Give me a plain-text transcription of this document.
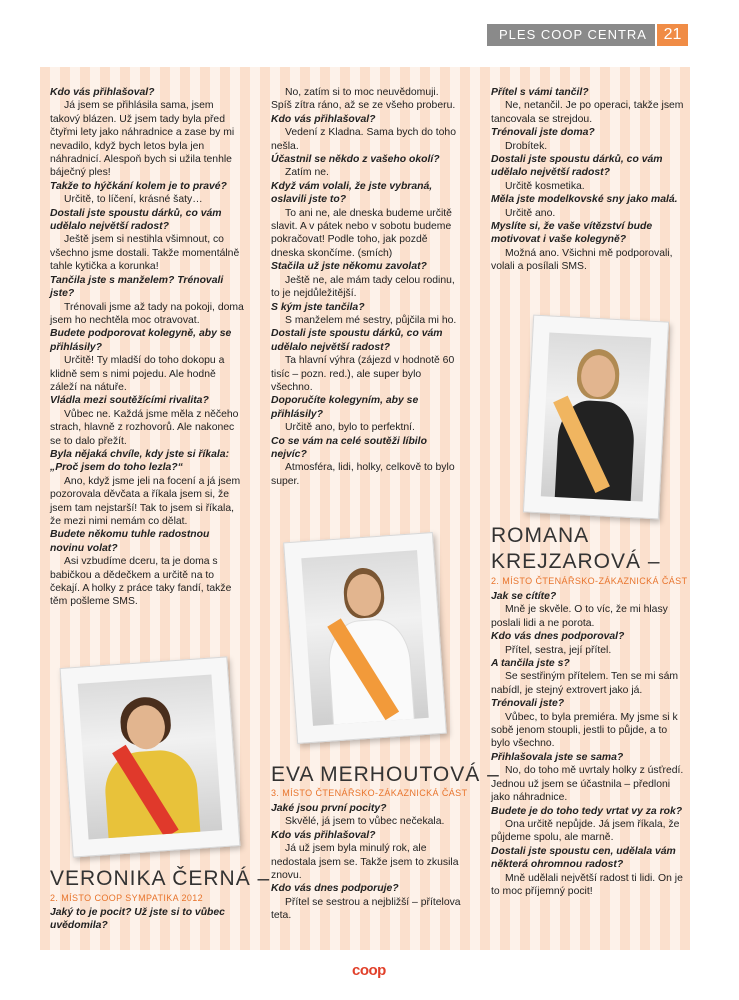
PLES COOP CENTRA	21

Kdo vás přihlašoval?

Já jsem se přihlásila sama, jsem takový blázen. Už jsem tady byla před čtyřmi lety jako náhradnice a zase by mi nevadilo, když bych letos byla jen náhradnicí. Alespoň bych si užila tenhle báječný ples!

Takže to hýčkání kolem je to pravé?

Určitě, to líčení, krásné šaty…

Dostali jste spoustu dárků, co vám udělalo největší radost?

Ještě jsem si nestihla všimnout, co všechno jsme dostali. Takže momentálně tahle kytička a korunka!

Tančila jste s manželem? Trénovali jste?

Trénovali jsme až tady na pokoji, doma jsem ho nechtěla moc otravovat.

Budete podporovat kolegyně, aby se přihlásily?

Určitě! Ty mladší do toho dokopu a klidně sem s nimi pojedu. Ale hodně záleží na nátuře.

Vládla mezi soutěžícími rivalita?

Vůbec ne. Každá jsme měla z něčeho strach, hlavně z rozhovorů. Ale nakonec se to dalo přežít.

Byla nějaká chvíle, kdy jste si říkala: „Proč jsem do toho lezla?“

Ano, když jsme jeli na focení a já jsem pozorovala děvčata a říkala jsem si, že jsem tam nejstarší! Tak to jsem si říkala, že mezi nimi nemám co dělat.

Budete někomu tuhle radostnou novinu volat?

Asi vzbudíme dceru, ta je doma s babičkou a dědečkem a určitě na to čekají. A holky z práce taky fandí, takže těm pošleme SMS.

VERONIKA ČERNÁ –
2. MÍSTO COOP SYMPATIKA 2012

Jaký to je pocit? Už jste si to vůbec uvědomila?

No, zatím si to moc neuvědomuji. Spíš zítra ráno, až se ze všeho proberu.

Kdo vás přihlašoval?

Vedení z Kladna. Sama bych do toho nešla.

Účastnil se někdo z vašeho okolí?

Zatím ne.

Když vám volali, že jste vybraná, oslavili jste to?

To ani ne, ale dneska budeme určitě slavit. A v pátek nebo v sobotu budeme pokračovat! Podle toho, jak pozdě dneska skončíme. (smích)

Stačila už jste někomu zavolat?

Ještě ne, ale mám tady celou rodinu, to je nejdůležitější.

S kým jste tančila?

S manželem mé sestry, půjčila mi ho.

Dostali jste spoustu dárků, co vám udělalo největší radost?

Ta hlavní výhra (zájezd v hodnotě 60 tisíc – pozn. red.), ale super bylo všechno.

Doporučíte kolegyním, aby se přihlásily?

Určitě ano, bylo to perfektní.

Co se vám na celé soutěži líbilo nejvíc?

Atmosféra, lidi, holky, celkově to bylo super.

EVA MERHOUTOVÁ –
3. MÍSTO ČTENÁŘSKO-ZÁKAZNICKÁ ČÁST

Jaké jsou první pocity?

Skvělé, já jsem to vůbec nečekala.

Kdo vás přihlašoval?

Já už jsem byla minulý rok, ale nedostala jsem se. Takže jsem to zkusila znovu.

Kdo vás dnes podporuje?

Přítel se sestrou a nejbližší – přítelova teta.

Přítel s vámi tančil?

Ne, netančil. Je po operaci, takže jsem tancovala se strejdou.

Trénovali jste doma?

Drobítek.

Dostali jste spoustu dárků, co vám udělalo největší radost?

Určitě kosmetika.

Měla jste modelkovské sny jako malá.

Určitě ano.

Myslíte si, že vaše vítězství bude motivovat i vaše kolegyně?

Možná ano. Všichni mě podporovali, volali a posílali SMS.

ROMANA
KREJZAROVÁ –
2. MÍSTO ČTENÁŘSKO-ZÁKAZNICKÁ ČÁST

Jak se cítíte?

Mně je skvěle. O to víc, že mi hlasy poslali lidi a ne porota.

Kdo vás dnes podporoval?

Přítel, sestra, její přítel.

A tančila jste s?

Se sestřiným přítelem. Ten se mi sám nabídl, je stejný extrovert jako já.

Trénovali jste?

Vůbec, to byla premiéra. My jsme si k sobě jenom stoupli, jestli to půjde, a to bylo všechno.

Přihlašovala jste se sama?

No, do toho mě uvrtaly holky z úsťredí. Jednou už jsem se účastnila – předloni jako náhradnice.

Budete je do toho tedy vrtat vy za rok?

Ona určitě nepůjde. Já jsem říkala, že půjdeme spolu, ale marně.

Dostali jste spoustu cen, udělala vám některá ohromnou radost?

Mně udělali největší radost ti lidi. On je to moc příjemný pocit!

coop
